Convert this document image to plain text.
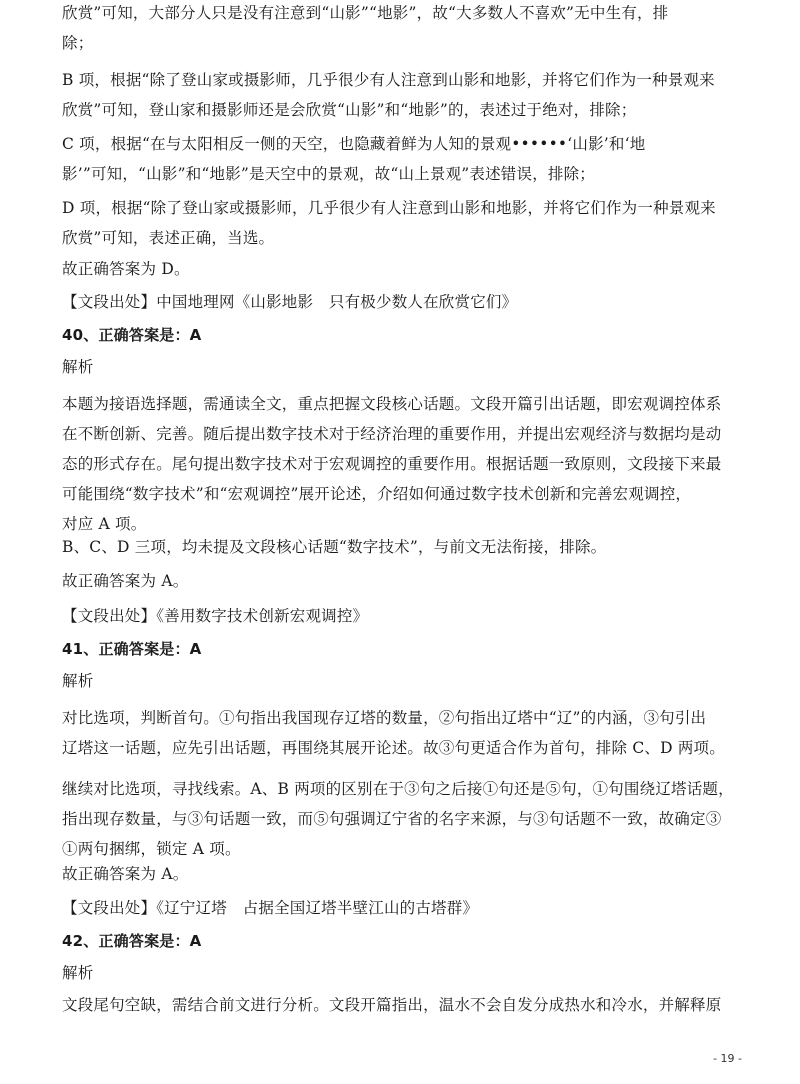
欣赏”可知，大部分人只是没有注意到“山影”“地影”，故“大多数人不喜欢”无中生有，排
除；
B 项，根据“除了登山家或摄影师，几乎很少有人注意到山影和地影，并将它们作为一种景观来
欣赏”可知，登山家和摄影师还是会欣赏“山影”和“地影”的，表述过于绝对，排除；
C 项，根据“在与太阳相反一侧的天空，也隐藏着鲜为人知的景观••••••‘山影’和‘地
影’”可知，“山影”和“地影”是天空中的景观，故“山上景观”表述错误，排除；
D 项，根据“除了登山家或摄影师，几乎很少有人注意到山影和地影，并将它们作为一种景观来
欣赏”可知，表述正确，当选。
故正确答案为 D。
【文段出处】中国地理网《山影地影　只有极少数人在欣赏它们》
40、正确答案是：A
解析
本题为接语选择题，需通读全文，重点把握文段核心话题。文段开篇引出话题，即宏观调控体系
在不断创新、完善。随后提出数字技术对于经济治理的重要作用，并提出宏观经济与数据均是动
态的形式存在。尾句提出数字技术对于宏观调控的重要作用。根据话题一致原则，文段接下来最
可能围绕“数字技术”和“宏观调控”展开论述，介绍如何通过数字技术创新和完善宏观调控，
对应 A 项。
B、C、D 三项，均未提及文段核心话题“数字技术”，与前文无法衔接，排除。
故正确答案为 A。
【文段出处】《善用数字技术创新宏观调控》
41、正确答案是：A
解析
对比选项，判断首句。①句指出我国现存辽塔的数量，②句指出辽塔中“辽”的内涵，③句引出
辽塔这一话题，应先引出话题，再围绕其展开论述。故③句更适合作为首句，排除 C、D 两项。
继续对比选项，寻找线索。A、B 两项的区别在于③句之后接①句还是⑤句，①句围绕辽塔话题，
指出现存数量，与③句话题一致，而⑤句强调辽宁省的名字来源，与③句话题不一致，故确定③
①两句捆绑，锁定 A 项。
故正确答案为 A。
【文段出处】《辽宁辽塔　占据全国辽塔半壁江山的古塔群》
42、正确答案是：A
解析
文段尾句空缺，需结合前文进行分析。文段开篇指出，温水不会自发分成热水和冷水，并解释原
- 19 -
